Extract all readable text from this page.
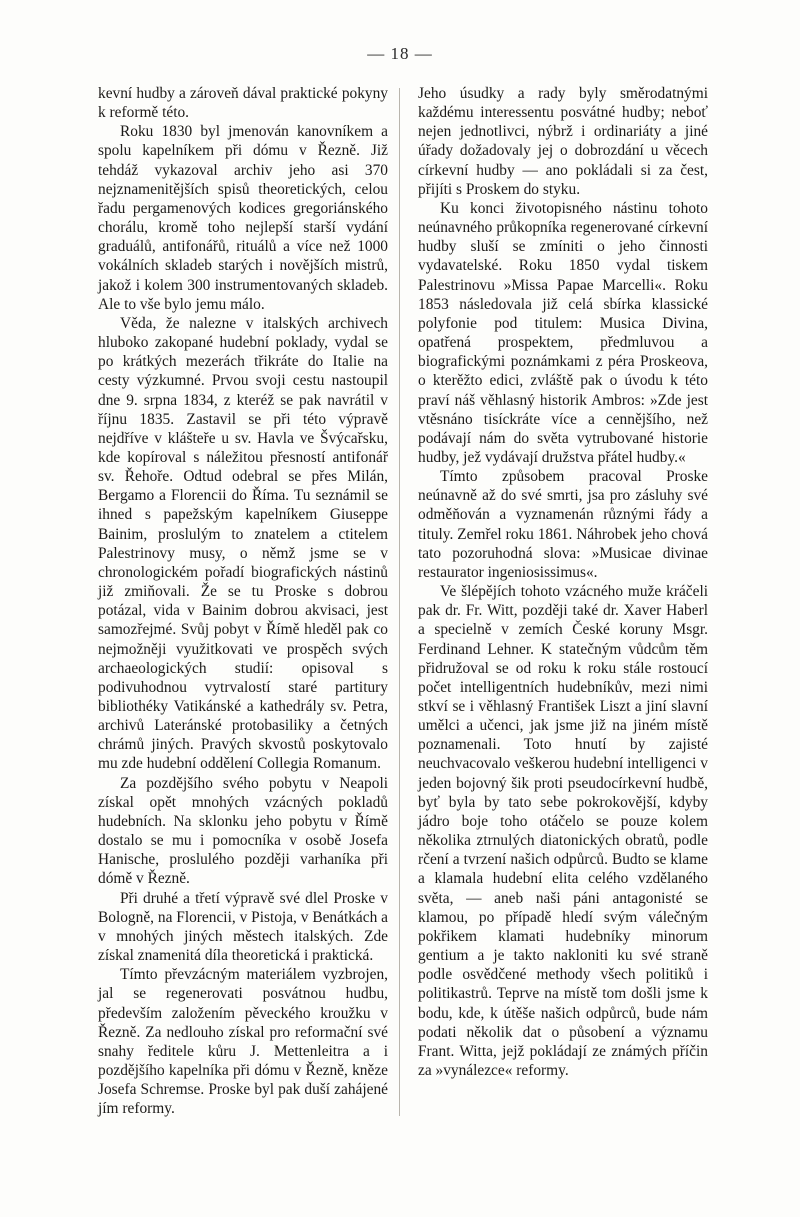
— 18 —

kevní hudby a zároveň dával praktické pokyny k reformě této.

Roku 1830 byl jmenován kanovníkem a spolu kapelníkem při dómu v Řezně. Již tehdáž vykazoval archiv jeho asi 370 nejznamenitějších spisů theoretických, celou řadu pergamenových kodices gregoriánského chorálu, kromě toho nejlepší starší vydání graduálů, antifonářů, rituálů a více než 1000 vokálních skladeb starých i novějších mistrů, jakož i kolem 300 instrumentovaných skladeb. Ale to vše bylo jemu málo.

Věda, že nalezne v italských archivech hluboko zakopané hudební poklady, vydal se po krátkých mezerách třikráte do Italie na cesty výzkumné. Prvou svoji cestu nastoupil dne 9. srpna 1834, z kteréž se pak navrátil v říjnu 1835. Zastavil se při této výpravě nejdříve v klášteře u sv. Havla ve Švýcařsku, kde kopíroval s náležitou přesností antifonář sv. Řehoře. Odtud odebral se přes Milán, Bergamo a Florencii do Říma. Tu seznámil se ihned s papežským kapelníkem Giuseppe Bainim, proslulým to znatelem a ctitelem Palestrinovy musy, o němž jsme se v chronologickém pořadí biografických nástinů již zmiňovali. Že se tu Proske s dobrou potázal, vida v Bainim dobrou akvisaci, jest samozřejmé. Svůj pobyt v Římě hleděl pak co nejmožněji využitkovati ve prospěch svých archaeologických studií: opisoval s podivuhodnou vytrvalostí staré partitury bibliothéky Vatikánské a kathedrály sv. Petra, archivů Lateránské protobasiliky a četných chrámů jiných. Pravých skvostů poskytovalo mu zde hudební oddělení Collegia Romanum.

Za pozdějšího svého pobytu v Neapoli získal opět mnohých vzácných pokladů hudebních. Na sklonku jeho pobytu v Římě dostalo se mu i pomocníka v osobě Josefa Hanische, proslulého později varhaníka při dómě v Řezně.

Při druhé a třetí výpravě své dlel Proske v Bologně, na Florencii, v Pistoja, v Benátkách a v mnohých jiných městech italských. Zde získal znamenitá díla theoretická i praktická.

Tímto převzácným materiálem vyzbrojen, jal se regenerovati posvátnou hudbu, především založením pěveckého kroužku v Řezně. Za nedlouho získal pro reformační své snahy ředitele kůru J. Mettenleitra a i pozdějšího kapelníka při dómu v Řezně, kněze Josefa Schremse. Proske byl pak duší zahájené jím reformy.

Jeho úsudky a rady byly směrodatnými každému interessentu posvátné hudby; neboť nejen jednotlivci, nýbrž i ordinariáty a jiné úřady dožadovaly jej o dobrozdání u věcech církevní hudby — ano pokládali si za čest, přijíti s Proskem do styku.

Ku konci životopisného nástinu tohoto neúnavného průkopníka regenerované církevní hudby sluší se zmíniti o jeho činnosti vydavatelské. Roku 1850 vydal tiskem Palestrinovu »Missa Papae Marcelli«. Roku 1853 následovala již celá sbírka klassické polyfonie pod titulem: Musica Divina, opatřená prospektem, předmluvou a biografickými poznámkami z péra Proskeova, o kterěžto edici, zvláště pak o úvodu k této praví náš věhlasný historik Ambros: »Zde jest vtěsnáno tisíckráte více a cennějšího, než podávají nám do světa vytrubované historie hudby, jež vydávají družstva přátel hudby.«

Tímto způsobem pracoval Proske neúnavně až do své smrti, jsa pro zásluhy své odměňován a vyznamenán různými řády a tituly. Zemřel roku 1861. Náhrobek jeho chová tato pozoruhodná slova: »Musicae divinae restaurator ingeniosissimus«.

Ve šlépějích tohoto vzácného muže kráčeli pak dr. Fr. Witt, později také dr. Xaver Haberl a specielně v zemích České koruny Msgr. Ferdinand Lehner. K statečným vůdcům těm přidružoval se od roku k roku stále rostoucí počet intelligentních hudebníkův, mezi nimi stkví se i věhlasný František Liszt a jiní slavní umělci a učenci, jak jsme již na jiném místě poznamenali. Toto hnutí by zajisté neuchvacovalo veškerou hudební intelligenci v jeden bojovný šik proti pseudocírkevní hudbě, byť byla by tato sebe pokrokovější, kdyby jádro boje toho otáčelo se pouze kolem několika ztrnulých diatonických obratů, podle rčení a tvrzení našich odpůrců. Budto se klame a klamala hudební elita celého vzdělaného světa, — aneb naši páni antagonisté se klamou, po případě hledí svým válečným pokřikem klamati hudebníky minorum gentium a je takto nakloniti ku své straně podle osvědčené methody všech politiků i politikastrů. Teprve na místě tom došli jsme k bodu, kde, k útěše našich odpůrců, bude nám podati několik dat o působení a významu Frant. Witta, jejž pokládají ze známých příčin za »vynálezce« reformy.
